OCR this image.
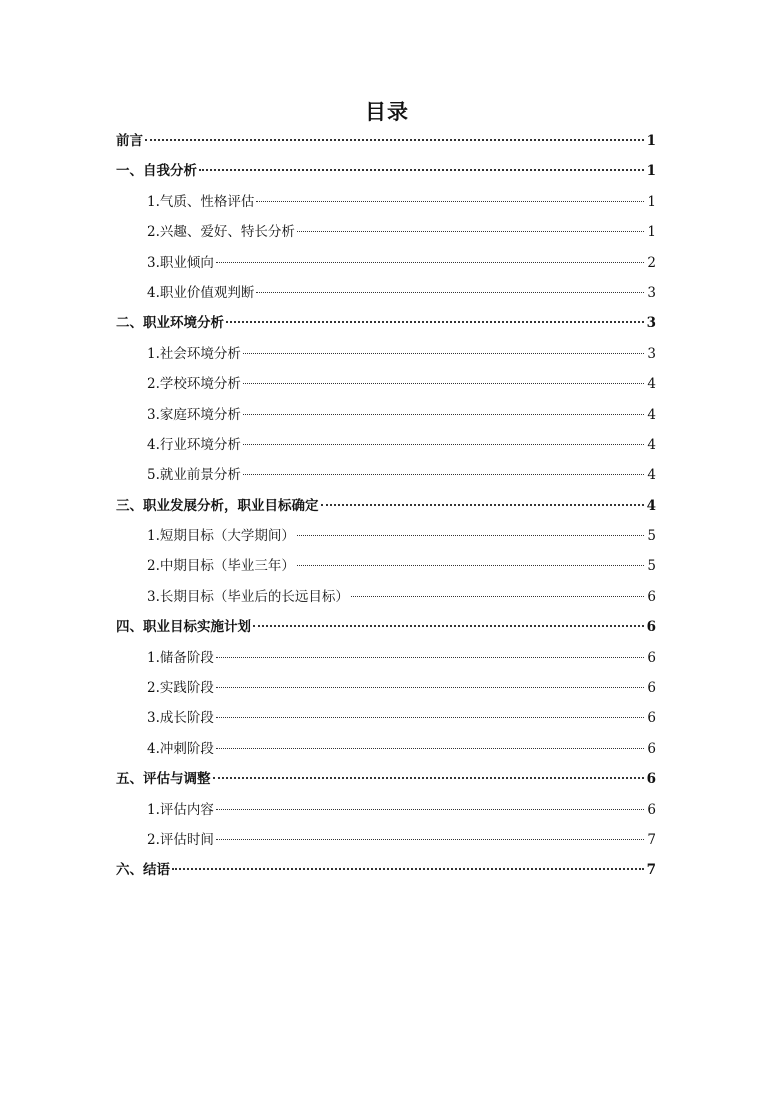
目录
前言	1
一、自我分析	1
1.气质、性格评估	1
2.兴趣、爱好、特长分析	1
3.职业倾向	2
4.职业价值观判断	3
二、职业环境分析	3
1.社会环境分析	3
2.学校环境分析	4
3.家庭环境分析	4
4.行业环境分析	4
5.就业前景分析	4
三、职业发展分析，职业目标确定	4
1.短期目标（大学期间）	5
2.中期目标（毕业三年）	5
3.长期目标（毕业后的长远目标）	6
四、职业目标实施计划	6
1.储备阶段	6
2.实践阶段	6
3.成长阶段	6
4.冲刺阶段	6
五、评估与调整	6
1.评估内容	6
2.评估时间	7
六、结语	7
